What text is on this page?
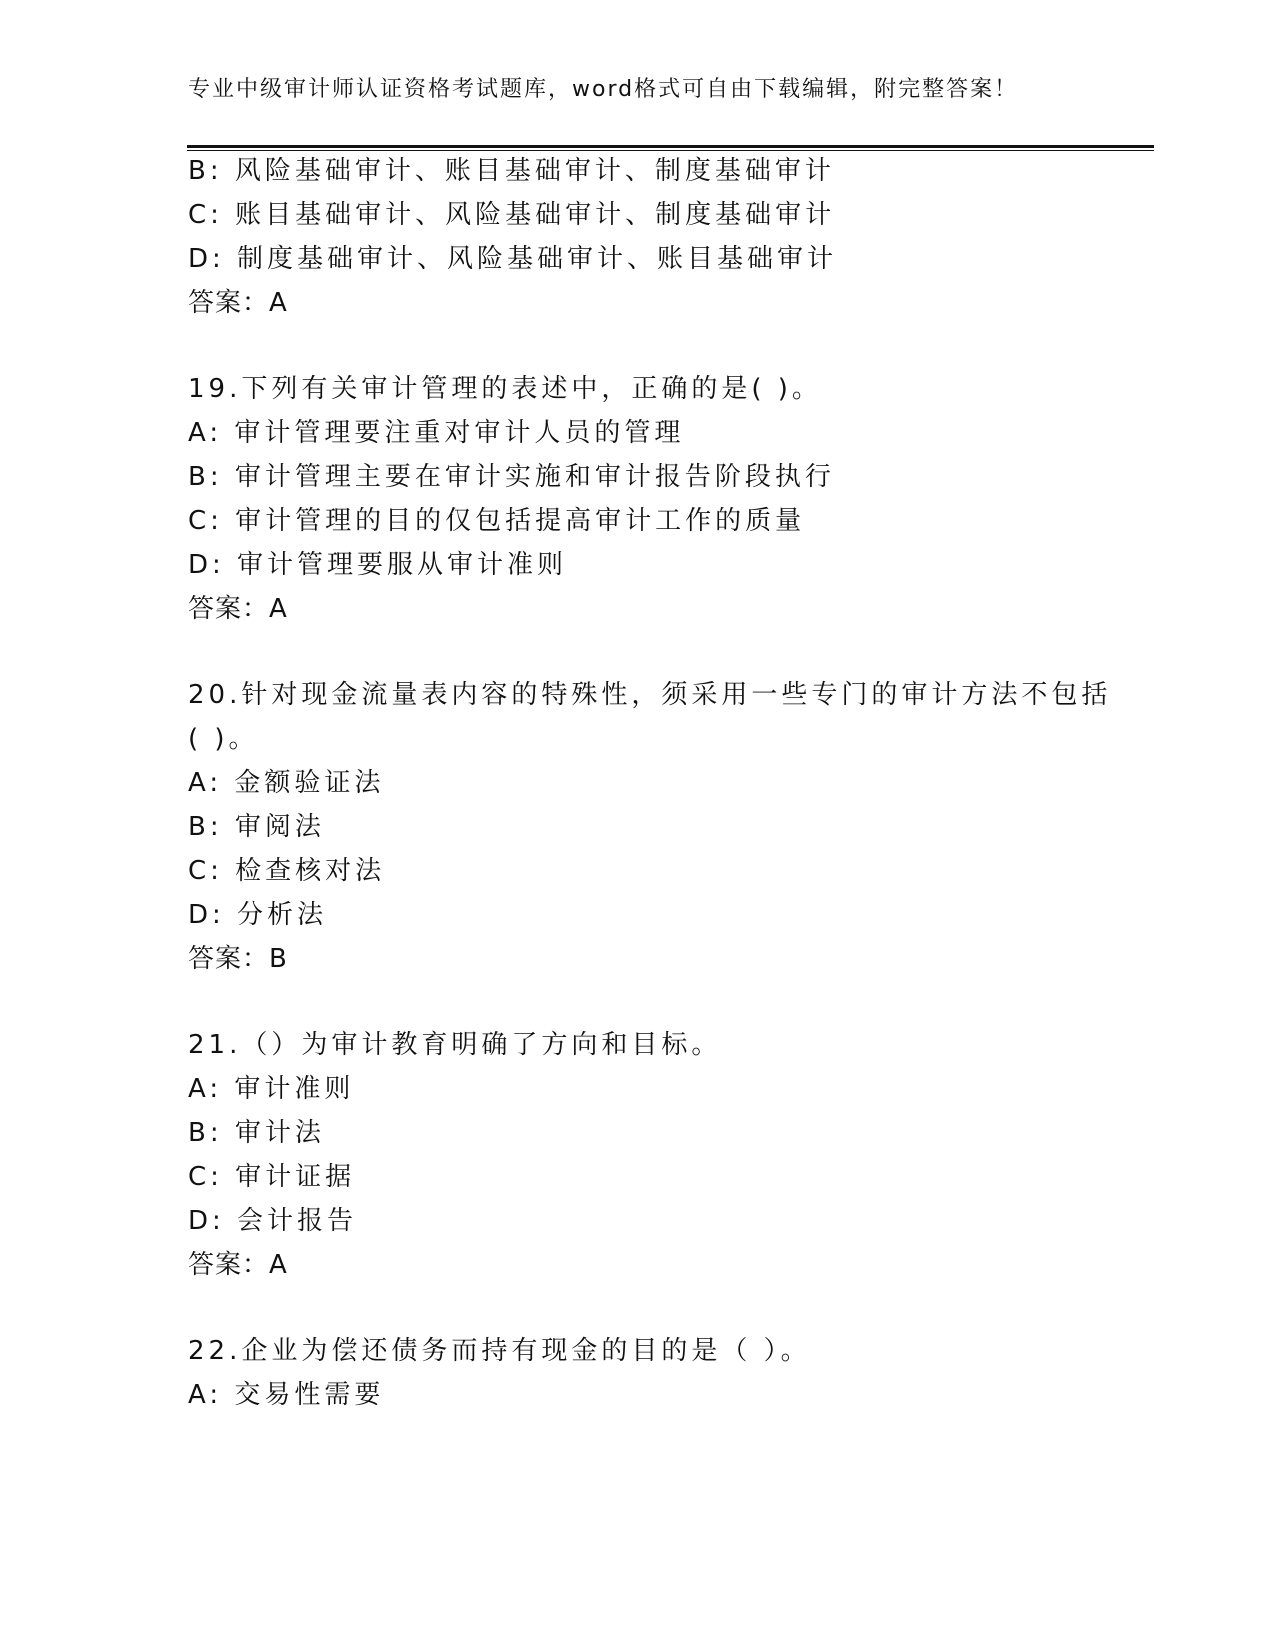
专业中级审计师认证资格考试题库，word格式可自由下载编辑，附完整答案！
B: 风险基础审计、账目基础审计、制度基础审计
C: 账目基础审计、风险基础审计、制度基础审计
D: 制度基础审计、风险基础审计、账目基础审计
答案：A
19.下列有关审计管理的表述中，正确的是( )。
A: 审计管理要注重对审计人员的管理
B: 审计管理主要在审计实施和审计报告阶段执行
C: 审计管理的目的仅包括提高审计工作的质量
D: 审计管理要服从审计准则
答案：A
20.针对现金流量表内容的特殊性，须采用一些专门的审计方法不包括
( )。
A: 金额验证法
B: 审阅法
C: 检查核对法
D: 分析法
答案：B
21.（）为审计教育明确了方向和目标。
A: 审计准则
B: 审计法
C: 审计证据
D: 会计报告
答案：A
22.企业为偿还债务而持有现金的目的是（ ）。
A: 交易性需要
